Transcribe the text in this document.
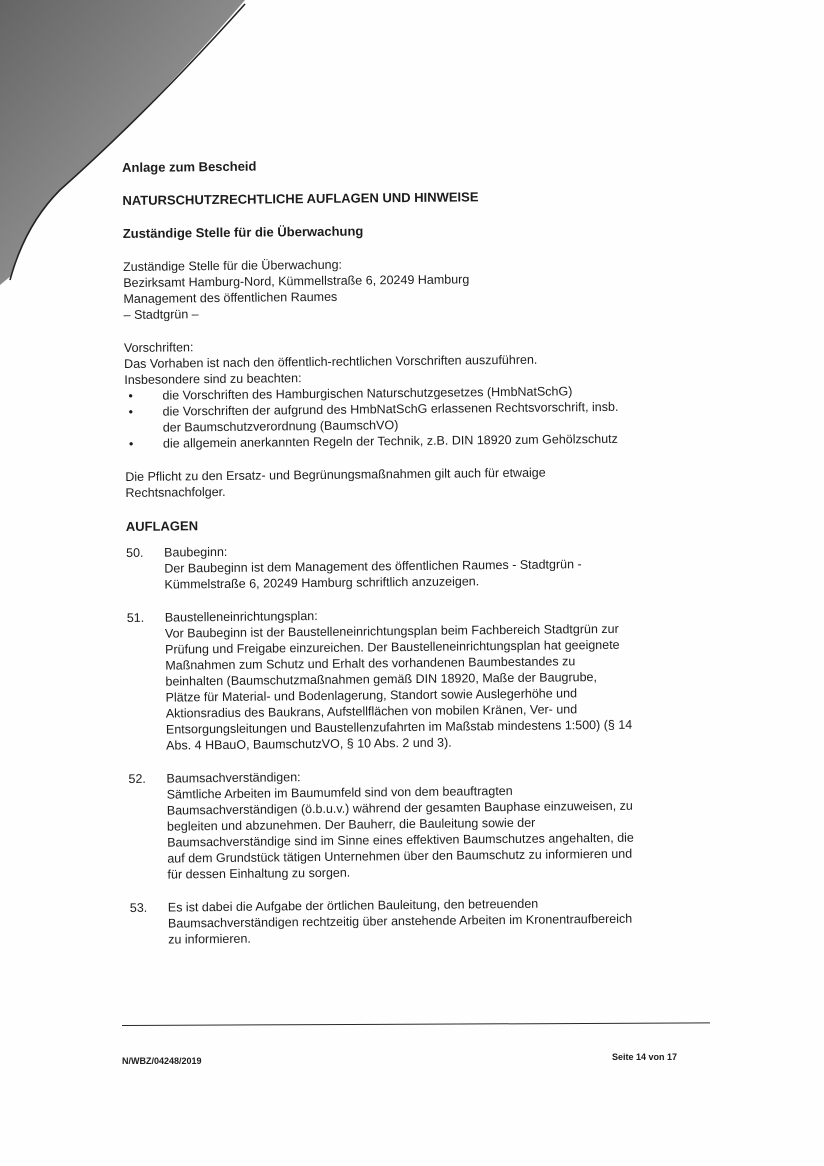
Anlage zum Bescheid
NATURSCHUTZRECHTLICHE AUFLAGEN UND HINWEISE
Zuständige Stelle für die Überwachung
Zuständige Stelle für die Überwachung:
Bezirksamt Hamburg-Nord, Kümmellstraße 6, 20249 Hamburg
Management des öffentlichen Raumes
– Stadtgrün –
Vorschriften:
Das Vorhaben ist nach den öffentlich-rechtlichen Vorschriften auszuführen.
Insbesondere sind zu beachten:
• die Vorschriften des Hamburgischen Naturschutzgesetzes (HmbNatSchG)
• die Vorschriften der aufgrund des HmbNatSchG erlassenen Rechtsvorschrift, insb.
der Baumschutzverordnung (BaumschVO)
• die allgemein anerkannten Regeln der Technik, z.B. DIN 18920 zum Gehölzschutz
Die Pflicht zu den Ersatz- und Begrünungsmaßnahmen gilt auch für etwaige
Rechtsnachfolger.
AUFLAGEN
50.	Baubeginn:
Der Baubeginn ist dem Management des öffentlichen Raumes - Stadtgrün -
Kümmelstraße 6, 20249 Hamburg schriftlich anzuzeigen.
51.	Baustelleneinrichtungsplan:
Vor Baubeginn ist der Baustelleneinrichtungsplan beim Fachbereich Stadtgrün zur
Prüfung und Freigabe einzureichen. Der Baustelleneinrichtungsplan hat geeignete
Maßnahmen zum Schutz und Erhalt des vorhandenen Baumbestandes zu
beinhalten (Baumschutzmaßnahmen gemäß DIN 18920, Maße der Baugrube,
Plätze für Material- und Bodenlagerung, Standort sowie Auslegerhöhe und
Aktionsradius des Baukrans, Aufstellflächen von mobilen Kränen, Ver- und
Entsorgungsleitungen und Baustellenzufahrten im Maßstab mindestens 1:500) (§ 14
Abs. 4 HBauO, BaumschutzVO, § 10 Abs. 2 und 3).
52.	Baumsachverständigen:
Sämtliche Arbeiten im Baumumfeld sind von dem beauftragten
Baumsachverständigen (ö.b.u.v.) während der gesamten Bauphase einzuweisen, zu
begleiten und abzunehmen. Der Bauherr, die Bauleitung sowie der
Baumsachverständige sind im Sinne eines effektiven Baumschutzes angehalten, die
auf dem Grundstück tätigen Unternehmen über den Baumschutz zu informieren und
für dessen Einhaltung zu sorgen.
53.	Es ist dabei die Aufgabe der örtlichen Bauleitung, den betreuenden
Baumsachverständigen rechtzeitig über anstehende Arbeiten im Kronentraufbereich
zu informieren.
N/WBZ/04248/2019	Seite 14 von 17
